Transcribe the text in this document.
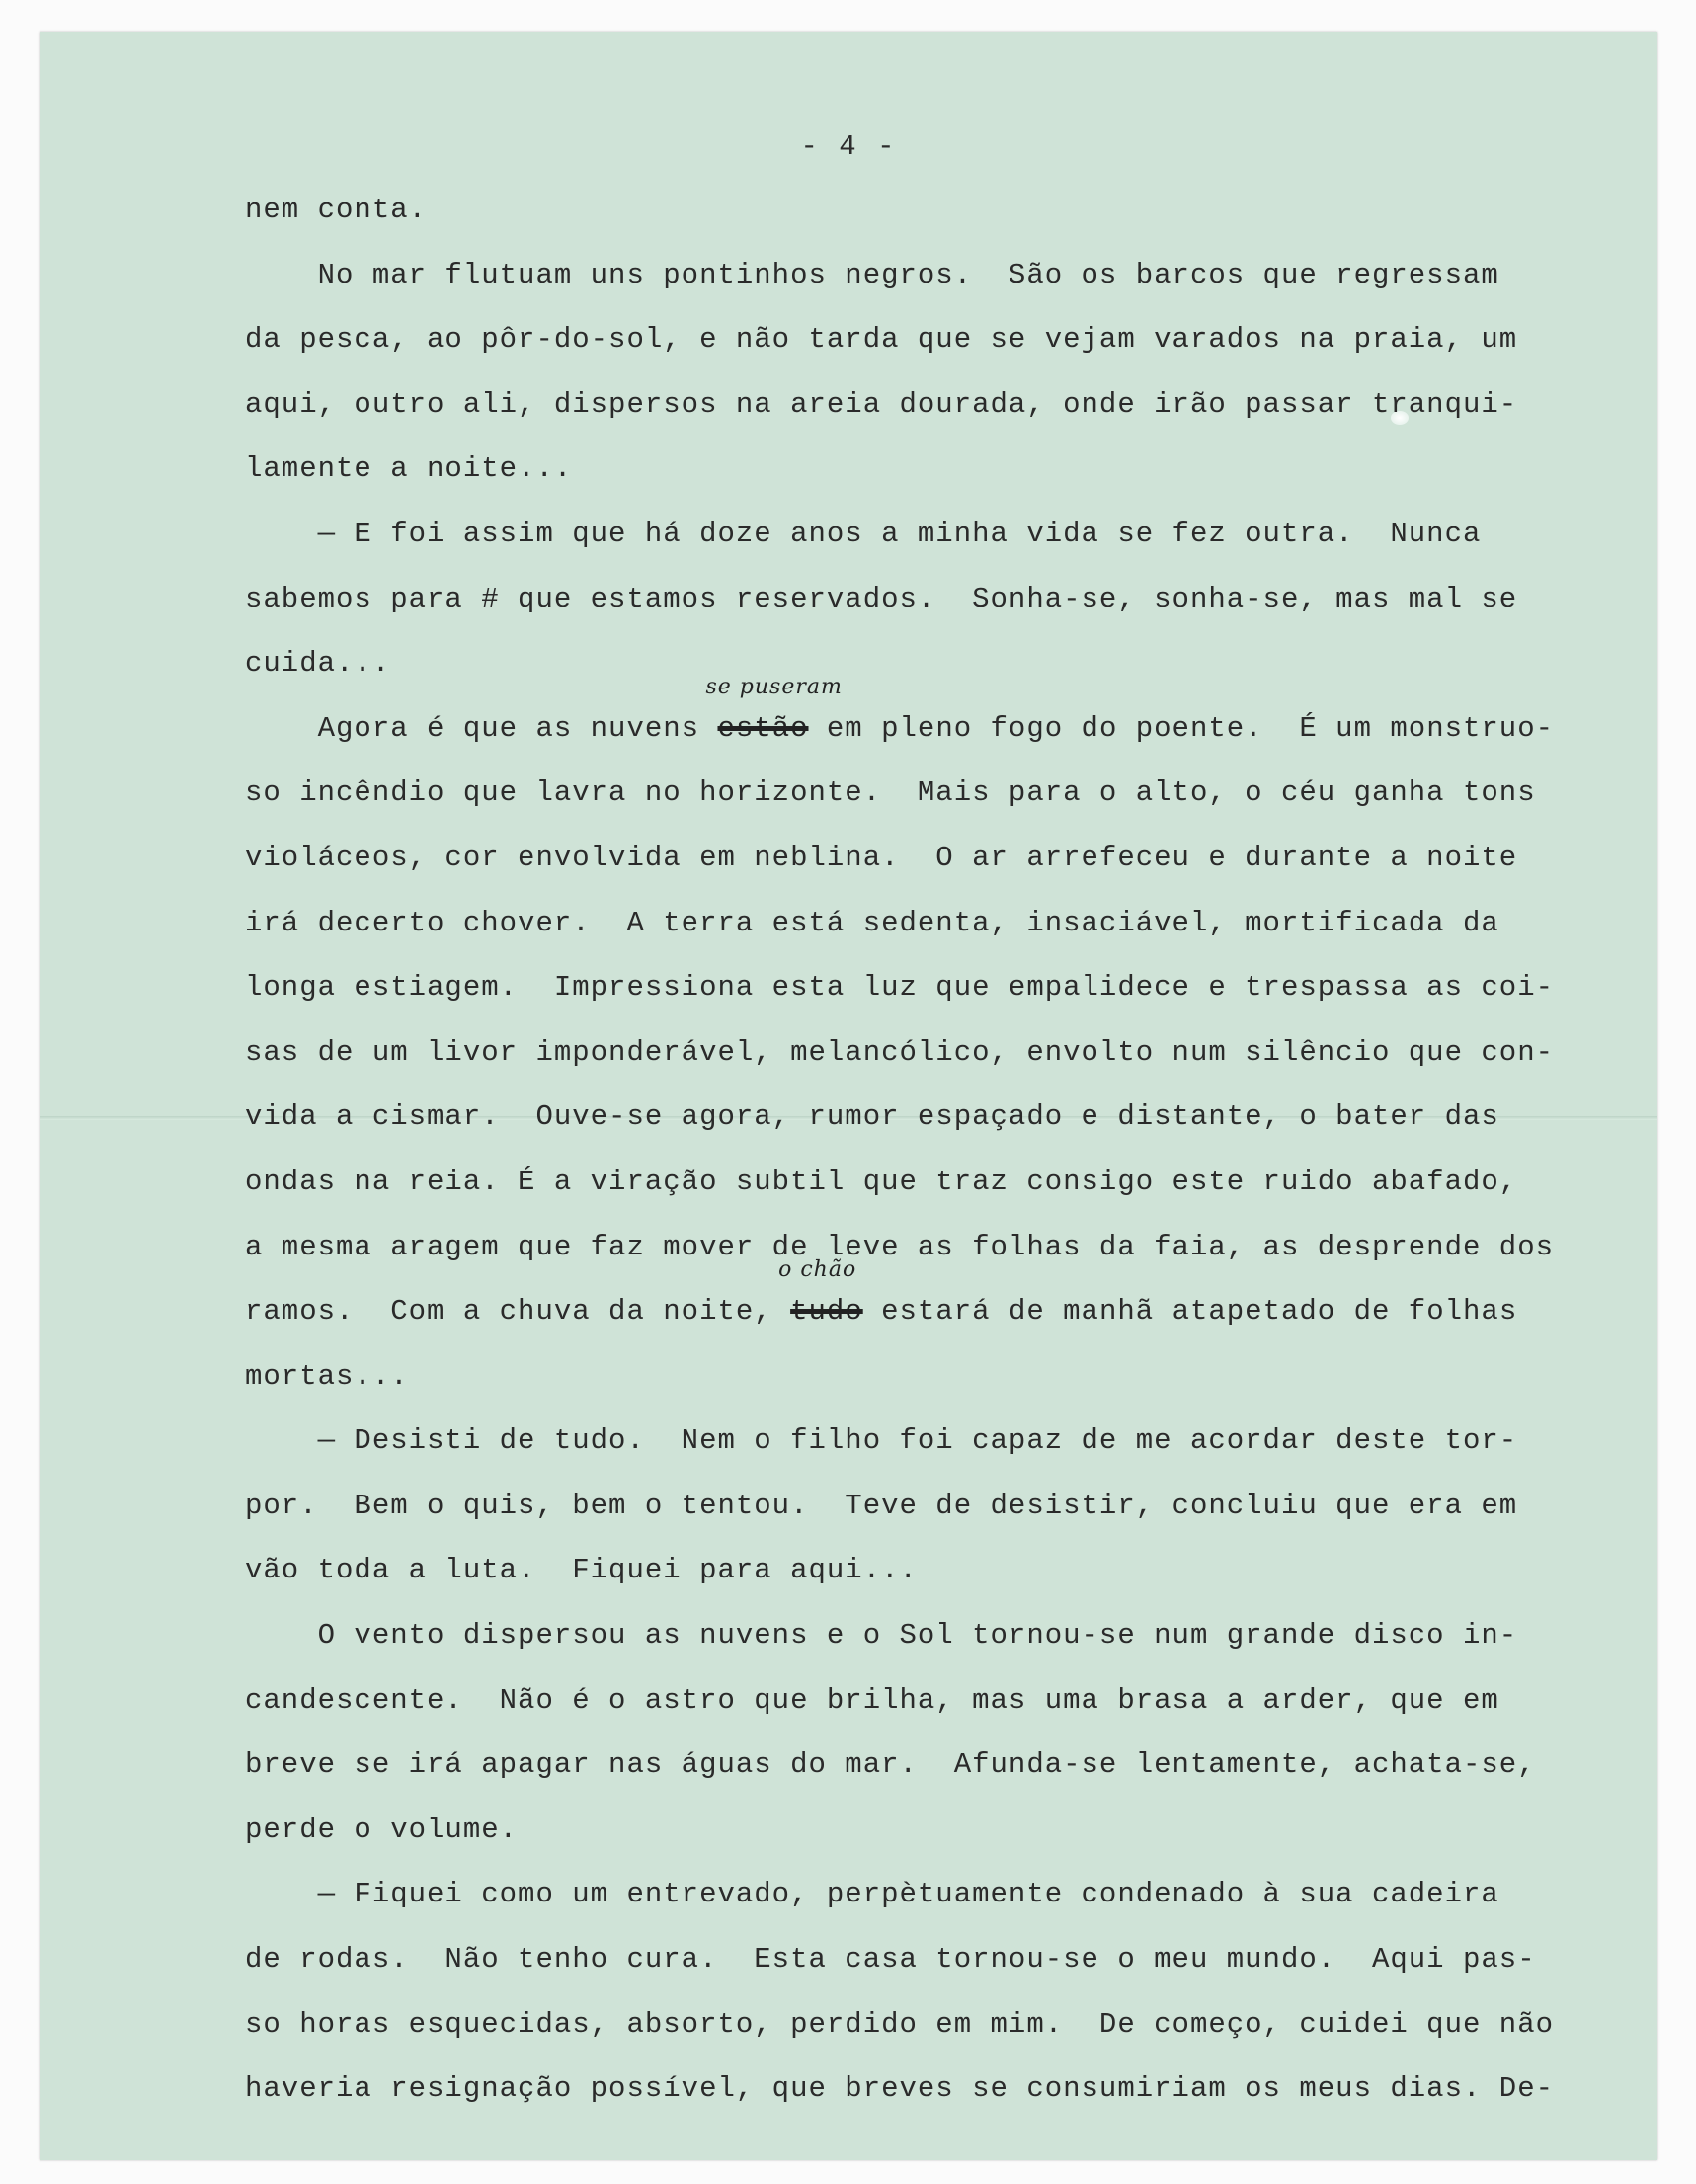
- 4 -
nem conta.
No mar flutuam uns pontinhos negros.  São os barcos que regressam
da pesca, ao pôr-do-sol, e não tarda que se vejam varados na praia, um
aqui, outro ali, dispersos na areia dourada, onde irão passar tranqui-
lamente a noite...
— E foi assim que há doze anos a minha vida se fez outra.  Nunca
sabemos para # que estamos reservados.  Sonha-se, sonha-se, mas mal se
cuida...
Agora é que as nuvens
se puseram
estão em pleno fogo do poente.  É um monstruo-
so incêndio que lavra no horizonte.  Mais para o alto, o céu ganha tons
violáceos, cor envolvida em neblina.  O ar arrefeceu e durante a noite
irá decerto chover.  A terra está sedenta, insaciável, mortificada da
longa estiagem.  Impressiona esta luz que empalidece e trespassa as coi-
sas de um livor imponderável, melancólico, envolto num silêncio que con-
vida a cismar.  Ouve-se agora, rumor espaçado e distante, o bater das
ondas na reia. É a viração subtil que traz consigo este ruido abafado,
a mesma aragem que faz mover de leve as folhas da faia, as desprende dos
ramos.  Com a chuva da noite,
o chão
tudo estará de manhã atapetado de folhas
mortas...
— Desisti de tudo.  Nem o filho foi capaz de me acordar deste tor-
por.  Bem o quis, bem o tentou.  Teve de desistir, concluiu que era em
vão toda a luta.  Fiquei para aqui...
O vento dispersou as nuvens e o Sol tornou-se num grande disco in-
candescente.  Não é o astro que brilha, mas uma brasa a arder, que em
breve se irá apagar nas águas do mar.  Afunda-se lentamente, achata-se,
perde o volume.
— Fiquei como um entrevado, perpètuamente condenado à sua cadeira
de rodas.  Não tenho cura.  Esta casa tornou-se o meu mundo.  Aqui pas-
so horas esquecidas, absorto, perdido em mim.  De começo, cuidei que não
haveria resignação possível, que breves se consumiriam os meus dias. De-
